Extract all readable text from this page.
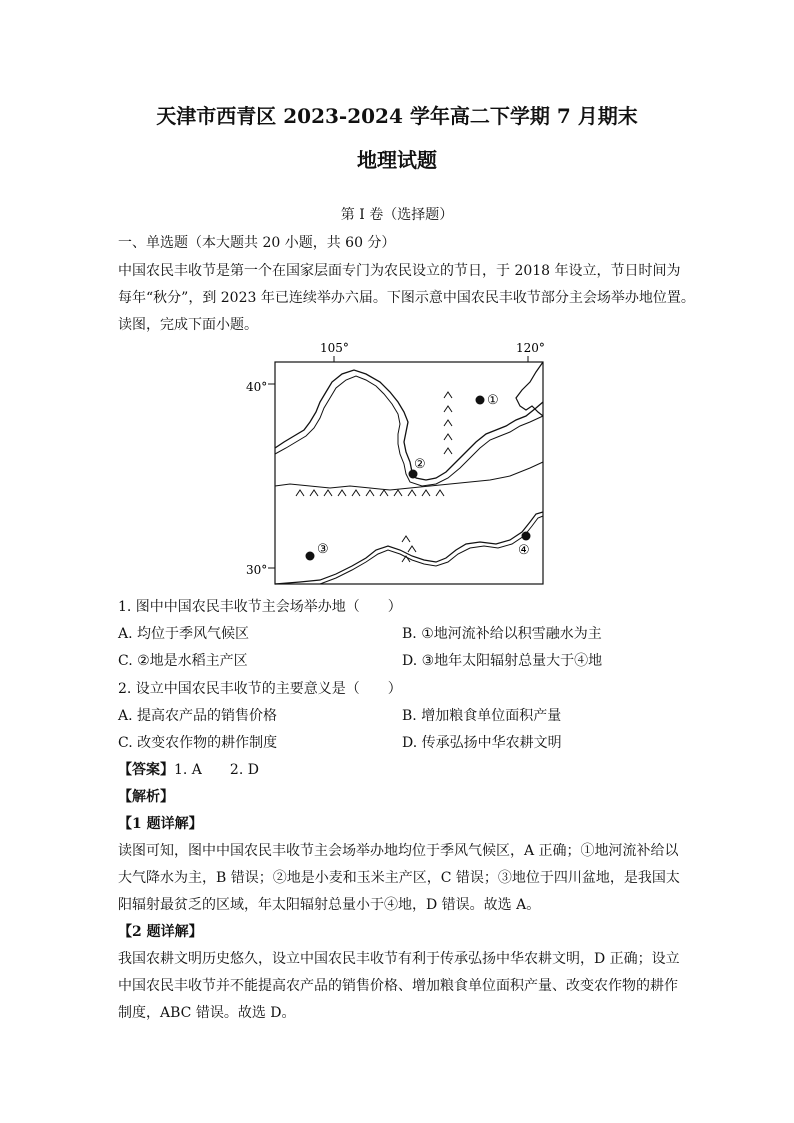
天津市西青区 2023-2024 学年高二下学期 7 月期末
地理试题
第 I 卷（选择题）
一、单选题（本大题共 20 小题，共 60 分）
中国农民丰收节是第一个在国家层面专门为农民设立的节日，于 2018 年设立，节日时间为
每年“秋分”，到 2023 年已连续举办六届。下图示意中国农民丰收节部分主会场举办地位置。
读图，完成下面小题。
105°	120°
40°
30°
①
②
③	④
1. 图中中国农民丰收节主会场举办地（　　）
A. 均位于季风气候区	B. ①地河流补给以积雪融水为主
C. ②地是水稻主产区	D. ③地年太阳辐射总量大于④地
2. 设立中国农民丰收节的主要意义是（　　）
A. 提高农产品的销售价格	B. 增加粮食单位面积产量
C. 改变农作物的耕作制度	D. 传承弘扬中华农耕文明
【答案】1. A　　2. D
【解析】
【1 题详解】
读图可知，图中中国农民丰收节主会场举办地均位于季风气候区，A 正确；①地河流补给以
大气降水为主，B 错误；②地是小麦和玉米主产区，C 错误；③地位于四川盆地，是我国太
阳辐射最贫乏的区域，年太阳辐射总量小于④地，D 错误。故选 A。
【2 题详解】
我国农耕文明历史悠久，设立中国农民丰收节有利于传承弘扬中华农耕文明，D 正确；设立
中国农民丰收节并不能提高农产品的销售价格、增加粮食单位面积产量、改变农作物的耕作
制度，ABC 错误。故选 D。
